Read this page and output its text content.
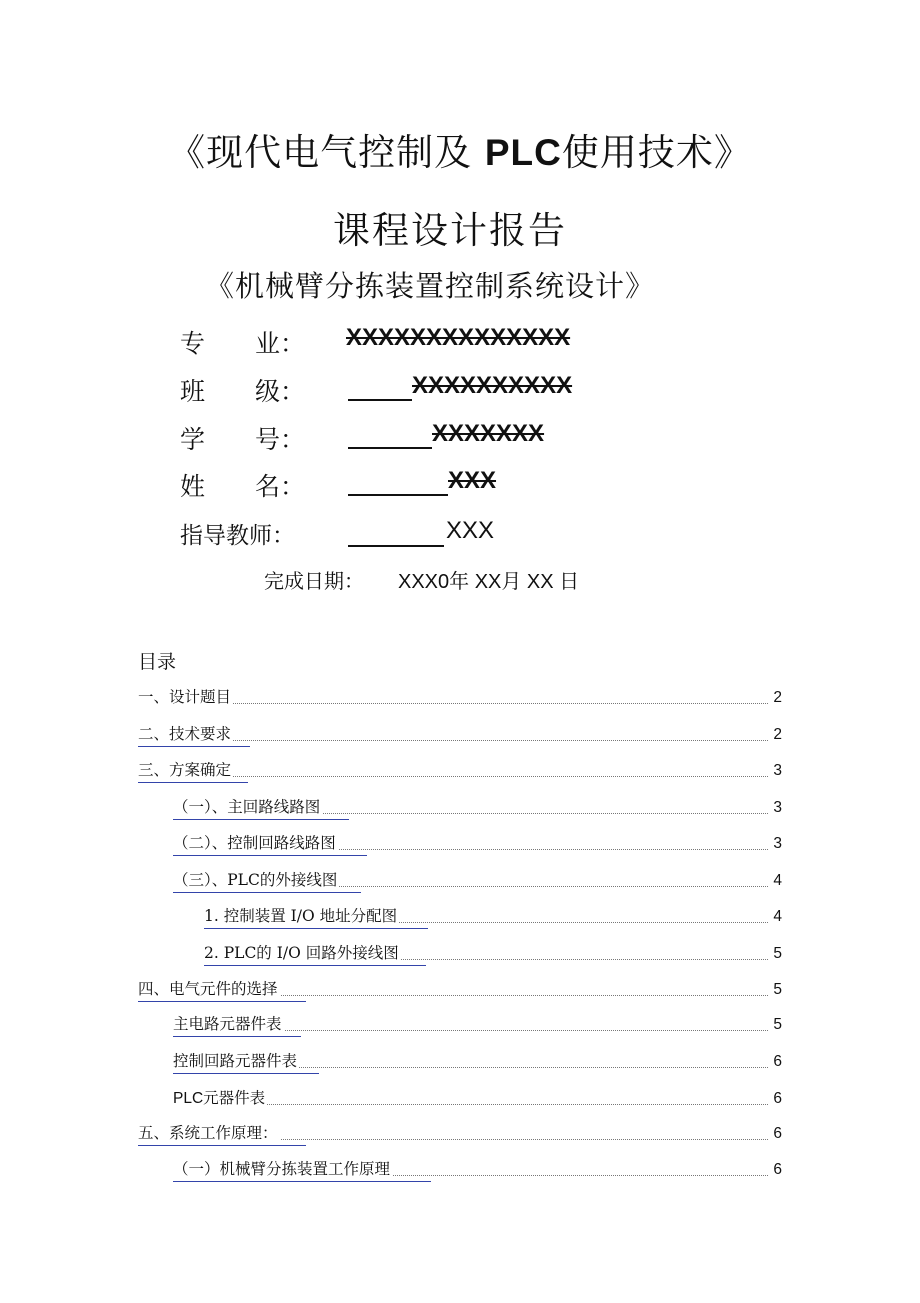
《现代电气控制及 PLC使用技术》
课程设计报告
《机械臂分拣装置控制系统设计》
专　　业： XXXXXXXXXXXXXX
班　　级：	XXXXXXXXXX
学　　号：	XXXXXXX
姓　　名：	XXX
指导教师：	XXX
完成日期： XXX0年 XX月 XX 日
目录
一、设计题目	2
二、技术要求	2
三、方案确定	3
（一）、主回路线路图	3
（二）、控制回路线路图	3
（三）、PLC的外接线图	4
1. 控制装置 I/O 地址分配图	4
2. PLC的 I/O 回路外接线图	5
四、电气元件的选择	5
主电路元器件表	5
控制回路元器件表	6
PLC元器件表	6
五、系统工作原理：	6
（一）机械臂分拣装置工作原理	6
